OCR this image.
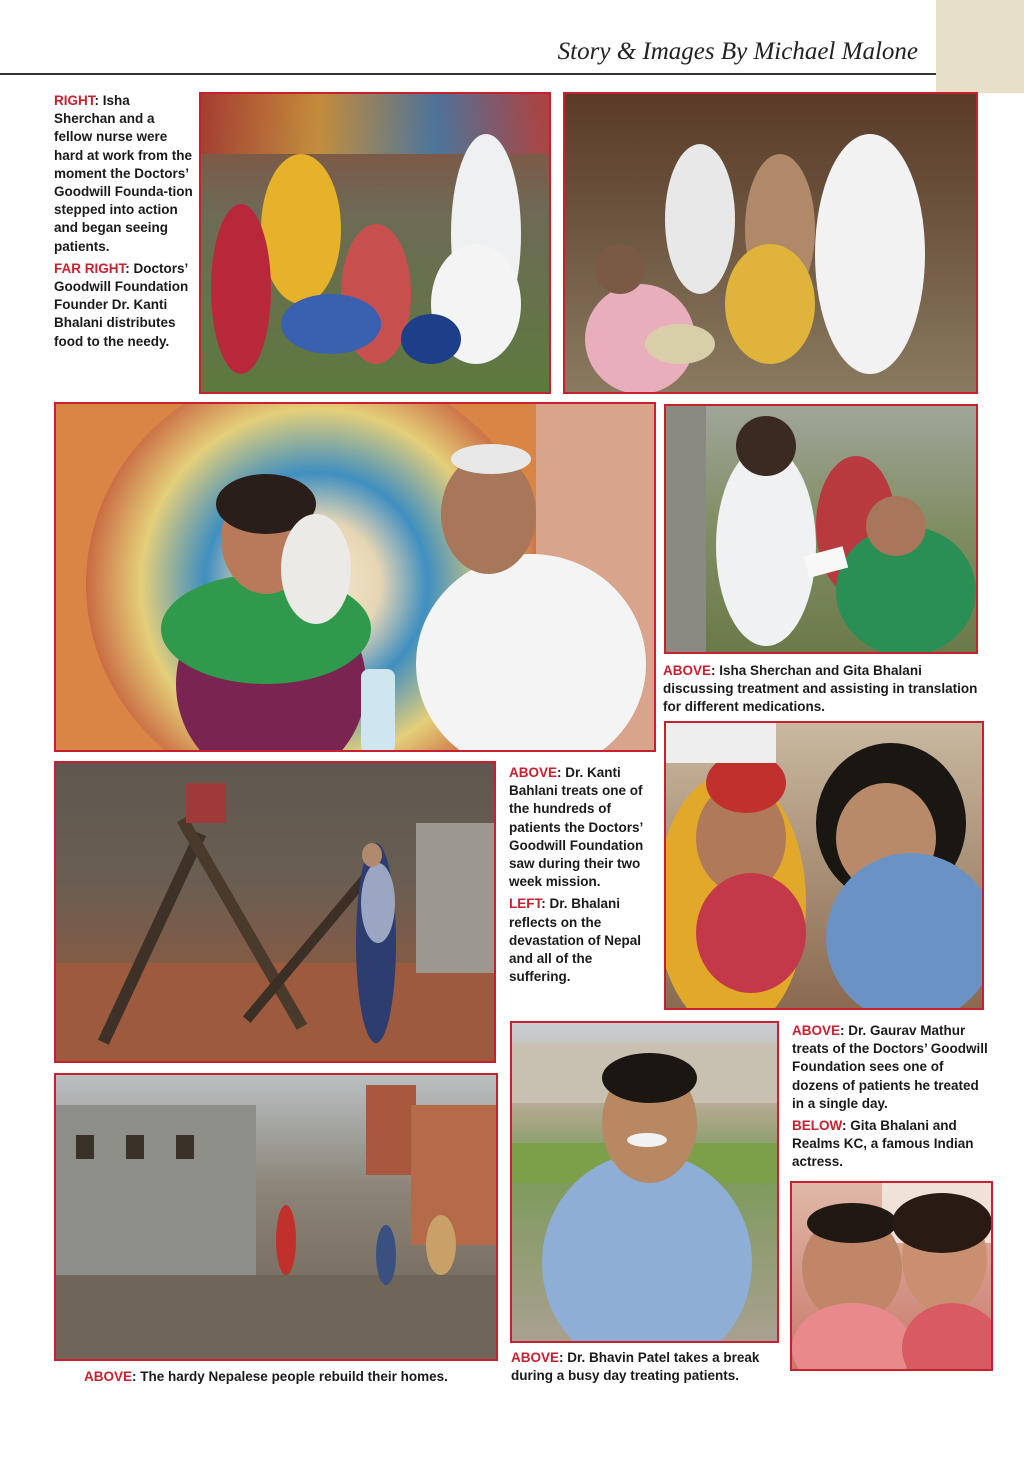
Story & Images By Michael Malone

RIGHT: Isha Sherchan and a fellow nurse were hard at work from the moment the Doctors’ Goodwill Founda-tion stepped into action and began seeing patients.

FAR RIGHT: Doctors’ Goodwill Foundation Founder Dr. Kanti Bhalani distributes food to the needy.

ABOVE: Isha Sherchan and Gita Bhalani discussing treatment and assisting in translation for different medications.

ABOVE: Dr. Kanti Bahlani treats one of the hundreds of patients the Doctors’ Goodwill Foundation saw during their two week mission.

LEFT: Dr. Bhalani reflects on the devastation of Nepal and all of the suffering.

ABOVE: Dr. Gaurav Mathur treats of the Doctors’ Goodwill Foundation sees one of dozens of patients he treated in a single day.

BELOW: Gita Bhalani and Realms KC, a famous Indian actress.

ABOVE: The hardy Nepalese people rebuild their homes.

ABOVE: Dr. Bhavin Patel takes a break during a busy day treating patients.
